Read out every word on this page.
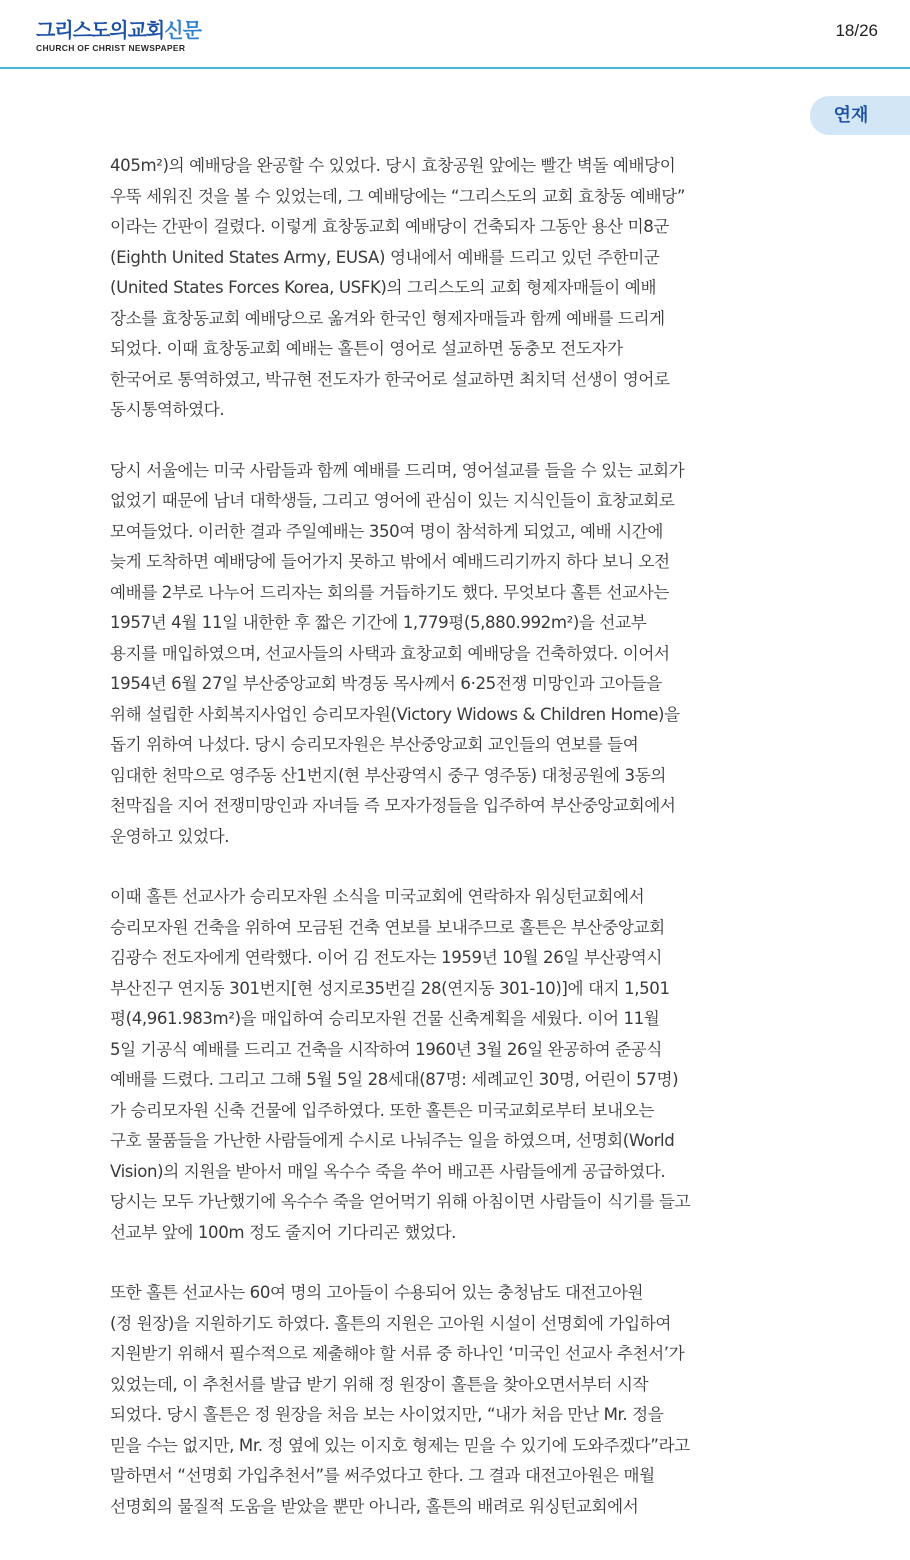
그리스도의교회신문
CHURCH OF CHRIST NEWSPAPER
18/26
연재
405m²)의 예배당을 완공할 수 있었다. 당시 효창공원 앞에는 빨간 벽돌 예배당이
우뚝 세워진 것을 볼 수 있었는데, 그 예배당에는 “그리스도의 교회 효창동 예배당”
이라는 간판이 걸렸다. 이렇게 효창동교회 예배당이 건축되자 그동안 용산 미8군
(Eighth United States Army, EUSA) 영내에서 예배를 드리고 있던 주한미군
(United States Forces Korea, USFK)의 그리스도의 교회 형제자매들이 예배
장소를 효창동교회 예배당으로 옮겨와 한국인 형제자매들과 함께 예배를 드리게
되었다. 이때 효창동교회 예배는 홀튼이 영어로 설교하면 동충모 전도자가
한국어로 통역하였고, 박규현 전도자가 한국어로 설교하면 최치덕 선생이 영어로
동시통역하였다.
당시 서울에는 미국 사람들과 함께 예배를 드리며, 영어설교를 들을 수 있는 교회가
없었기 때문에 남녀 대학생들, 그리고 영어에 관심이 있는 지식인들이 효창교회로
모여들었다. 이러한 결과 주일예배는 350여 명이 참석하게 되었고, 예배 시간에
늦게 도착하면 예배당에 들어가지 못하고 밖에서 예배드리기까지 하다 보니 오전
예배를 2부로 나누어 드리자는 회의를 거듭하기도 했다. 무엇보다 홀튼 선교사는
1957년 4월 11일 내한한 후 짧은 기간에 1,779평(5,880.992m²)을 선교부
용지를 매입하였으며, 선교사들의 사택과 효창교회 예배당을 건축하였다. 이어서
1954년 6월 27일 부산중앙교회 박경동 목사께서 6·25전쟁 미망인과 고아들을
위해 설립한 사회복지사업인 승리모자원(Victory Widows & Children Home)을
돕기 위하여 나섰다. 당시 승리모자원은 부산중앙교회 교인들의 연보를 들여
임대한 천막으로 영주동 산1번지(현 부산광역시 중구 영주동) 대청공원에 3동의
천막집을 지어 전쟁미망인과 자녀들 즉 모자가정들을 입주하여 부산중앙교회에서
운영하고 있었다.
이때 홀튼 선교사가 승리모자원 소식을 미국교회에 연락하자 워싱턴교회에서
승리모자원 건축을 위하여 모금된 건축 연보를 보내주므로 홀튼은 부산중앙교회
김광수 전도자에게 연락했다. 이어 김 전도자는 1959년 10월 26일 부산광역시
부산진구 연지동 301번지[현 성지로35번길 28(연지동 301-10)]에 대지 1,501
평(4,961.983m²)을 매입하여 승리모자원 건물 신축계획을 세웠다. 이어 11월
5일 기공식 예배를 드리고 건축을 시작하여 1960년 3월 26일 완공하여 준공식
예배를 드렸다. 그리고 그해 5월 5일 28세대(87명: 세례교인 30명, 어린이 57명)
가 승리모자원 신축 건물에 입주하였다. 또한 홀튼은 미국교회로부터 보내오는
구호 물품들을 가난한 사람들에게 수시로 나눠주는 일을 하였으며, 선명회(World
Vision)의 지원을 받아서 매일 옥수수 죽을 쑤어 배고픈 사람들에게 공급하였다.
당시는 모두 가난했기에 옥수수 죽을 얻어먹기 위해 아침이면 사람들이 식기를 들고
선교부 앞에 100m 정도 줄지어 기다리곤 했었다.
또한 홀튼 선교사는 60여 명의 고아들이 수용되어 있는 충청남도 대전고아원
(정 원장)을 지원하기도 하였다. 홀튼의 지원은 고아원 시설이 선명회에 가입하여
지원받기 위해서 필수적으로 제출해야 할 서류 중 하나인 ‘미국인 선교사 추천서’가
있었는데, 이 추천서를 발급 받기 위해 정 원장이 홀튼을 찾아오면서부터 시작
되었다. 당시 홀튼은 정 원장을 처음 보는 사이었지만, “내가 처음 만난 Mr. 정을
믿을 수는 없지만, Mr. 정 옆에 있는 이지호 형제는 믿을 수 있기에 도와주겠다”라고
말하면서 “선명회 가입추천서”를 써주었다고 한다. 그 결과 대전고아원은 매월
선명회의 물질적 도움을 받았을 뿐만 아니라, 홀튼의 배려로 워싱턴교회에서
